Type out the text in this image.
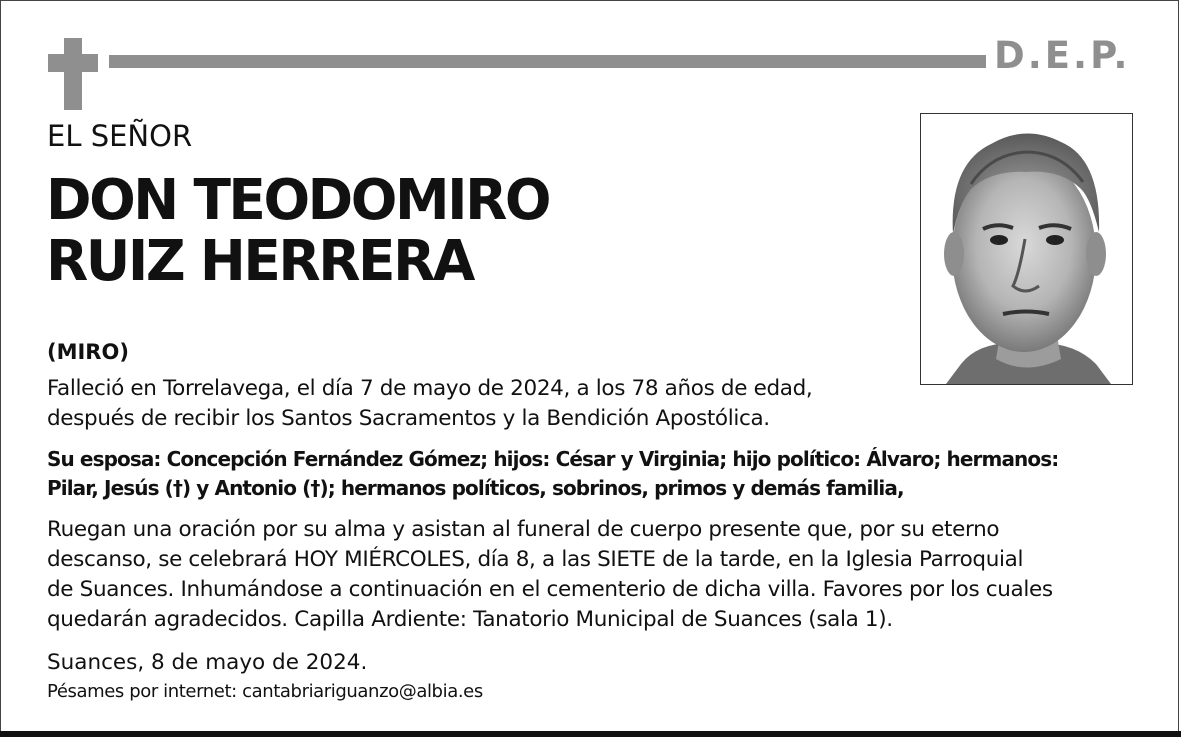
D.E.P.
EL SEÑOR
DON TEODOMIRO
RUIZ HERRERA
(MIRO)
Falleció en Torrelavega, el día 7 de mayo de 2024, a los 78 años de edad,
después de recibir los Santos Sacramentos y la Bendición Apostólica.
Su esposa: Concepción Fernández Gómez; hijos: César y Virginia; hijo político: Álvaro; hermanos:
Pilar, Jesús (†) y Antonio (†); hermanos políticos, sobrinos, primos y demás familia,
Ruegan una oración por su alma y asistan al funeral de cuerpo presente que, por su eterno
descanso, se celebrará HOY MIÉRCOLES, día 8, a las SIETE de la tarde, en la Iglesia Parroquial
de Suances. Inhumándose a continuación en el cementerio de dicha villa. Favores por los cuales
quedarán agradecidos. Capilla Ardiente: Tanatorio Municipal de Suances (sala 1).
Suances, 8 de mayo de 2024.
Pésames por internet: cantabriariguanzo@albia.es
